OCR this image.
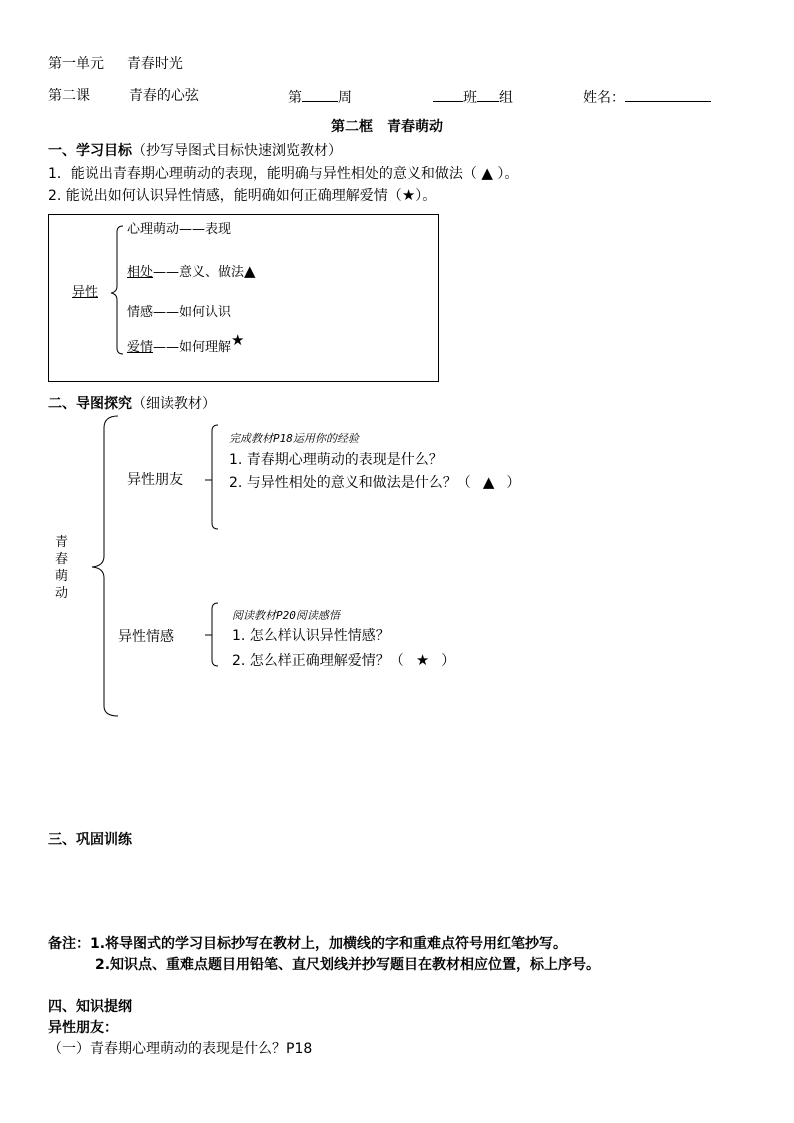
第一单元 青春时光
第二课	青春的心弦	第	周	班 组	姓名：
第二框　青春萌动
一、学习目标（抄写导图式目标快速浏览教材）
1．能说出青春期心理萌动的表现，能明确与异性相处的意义和做法（ ▲ ）。
2. 能说出如何认识异性情感，能明确如何正确理解爱情（★）。
异性
心理萌动——表现
相处——意义、做法▲
情感——如何认识
爱情——如何理解★
二、导图探究（细读教材）
青
春
萌
动
异性朋友
完成教材P18运用你的经验
1. 青春期心理萌动的表现是什么？
2. 与异性相处的意义和做法是什么？（ ▲ ）
异性情感
阅读教材P20阅读感悟
1. 怎么样认识异性情感？
2. 怎么样正确理解爱情？（ ★ ）
三、巩固训练
备注：1.将导图式的学习目标抄写在教材上，加横线的字和重难点符号用红笔抄写。
2.知识点、重难点题目用铅笔、直尺划线并抄写题目在教材相应位置，标上序号。
四、知识提纲
异性朋友：
（一）青春期心理萌动的表现是什么？P18
